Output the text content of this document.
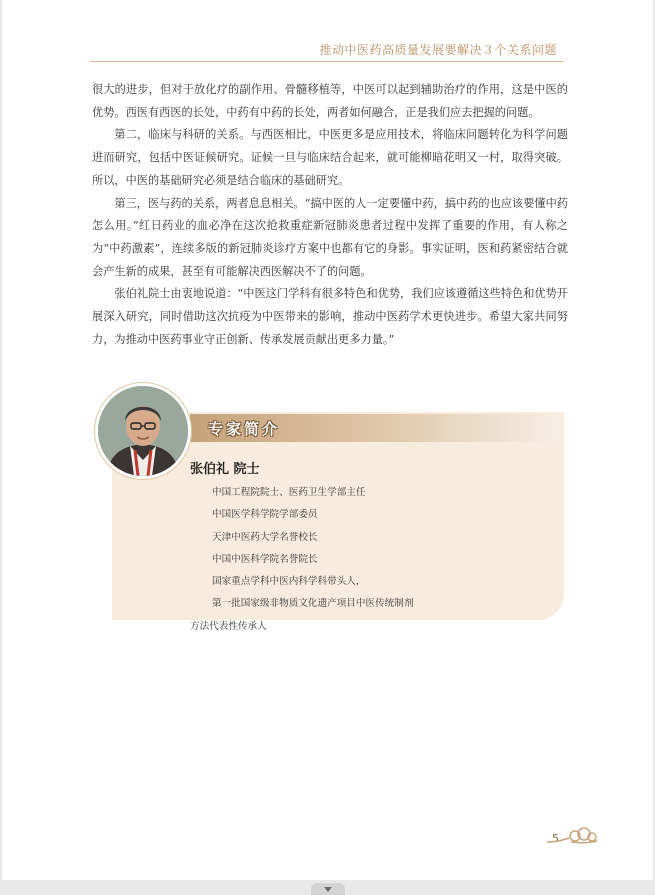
推动中医药高质量发展要解决３个关系问题

很大的进步，但对于放化疗的副作用、骨髓移植等，中医可以起到辅助治疗的作用，这是中医的优势。西医有西医的长处，中药有中药的长处，两者如何融合，正是我们应去把握的问题。

第二，临床与科研的关系。与西医相比，中医更多是应用技术，将临床问题转化为科学问题进而研究，包括中医证候研究。证候一旦与临床结合起来，就可能柳暗花明又一村，取得突破。所以，中医的基础研究必须是结合临床的基础研究。

第三，医与药的关系，两者息息相关。“搞中医的人一定要懂中药，搞中药的也应该要懂中药怎么用。”红日药业的血必净在这次抢救重症新冠肺炎患者过程中发挥了重要的作用，有人称之为“中药激素”，连续多版的新冠肺炎诊疗方案中也都有它的身影。事实证明，医和药紧密结合就会产生新的成果，甚至有可能解决西医解决不了的问题。

张伯礼院士由衷地说道：“中医这门学科有很多特色和优势，我们应该遵循这些特色和优势开展深入研究，同时借助这次抗疫为中医带来的影响，推动中医药学术更快进步。希望大家共同努力，为推动中医药事业守正创新、传承发展贡献出更多力量。”

专家简介
张伯礼 院士
中国工程院院士、医药卫生学部主任
中国医学科学院学部委员
天津中医药大学名誉校长
中国中医科学院名誉院长
国家重点学科中医内科学科带头人，
第一批国家级非物质文化遗产项目中医传统制剂
方法代表性传承人
5
